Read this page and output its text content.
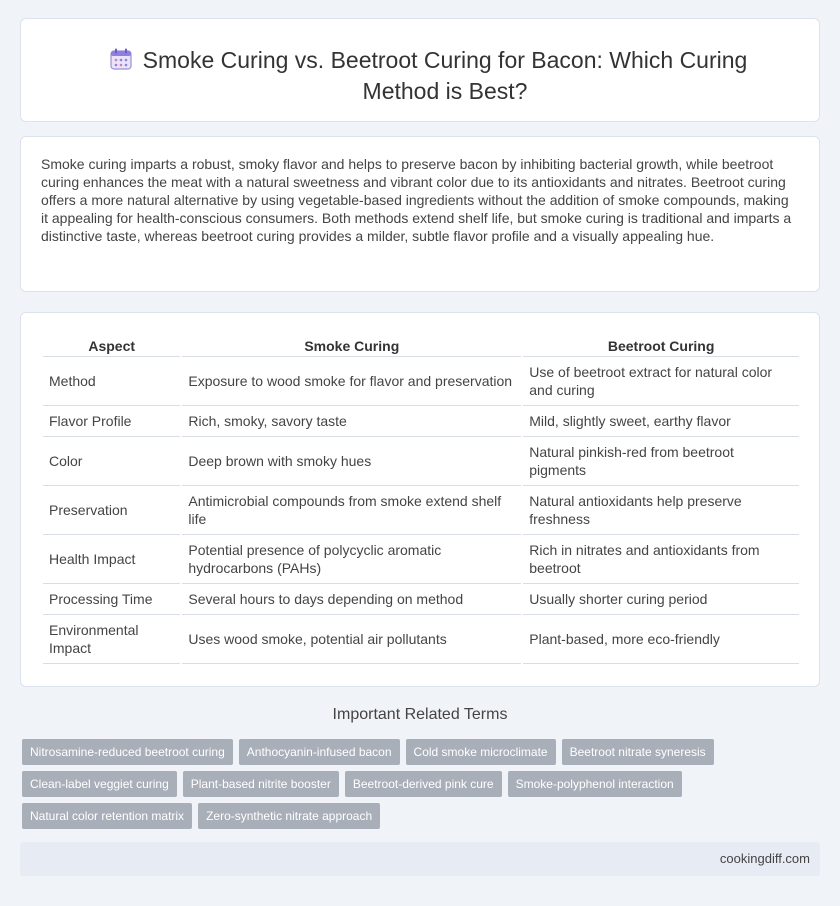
Smoke Curing vs. Beetroot Curing for Bacon: Which Curing Method is Best?

Smoke curing imparts a robust, smoky flavor and helps to preserve bacon by inhibiting bacterial growth, while beetroot curing enhances the meat with a natural sweetness and vibrant color due to its antioxidants and nitrates. Beetroot curing offers a more natural alternative by using vegetable-based ingredients without the addition of smoke compounds, making it appealing for health-conscious consumers. Both methods extend shelf life, but smoke curing is traditional and imparts a distinctive taste, whereas beetroot curing provides a milder, subtle flavor profile and a visually appealing hue.

Aspect	Smoke Curing	Beetroot Curing
Method	Exposure to wood smoke for flavor and preservation	Use of beetroot extract for natural color and curing
Flavor Profile	Rich, smoky, savory taste	Mild, slightly sweet, earthy flavor
Color	Deep brown with smoky hues	Natural pinkish-red from beetroot pigments
Preservation	Antimicrobial compounds from smoke extend shelf life	Natural antioxidants help preserve freshness
Health Impact	Potential presence of polycyclic aromatic hydrocarbons (PAHs)	Rich in nitrates and antioxidants from beetroot
Processing Time	Several hours to days depending on method	Usually shorter curing period
Environmental Impact	Uses wood smoke, potential air pollutants	Plant-based, more eco-friendly
Important Related Terms
Nitrosamine-reduced beetroot curing	Anthocyanin-infused bacon	Cold smoke microclimate	Beetroot nitrate syneresis
Clean-label veggiet curing	Plant-based nitrite booster	Beetroot-derived pink cure	Smoke-polyphenol interaction
Natural color retention matrix	Zero-synthetic nitrate approach
cookingdiff.com
